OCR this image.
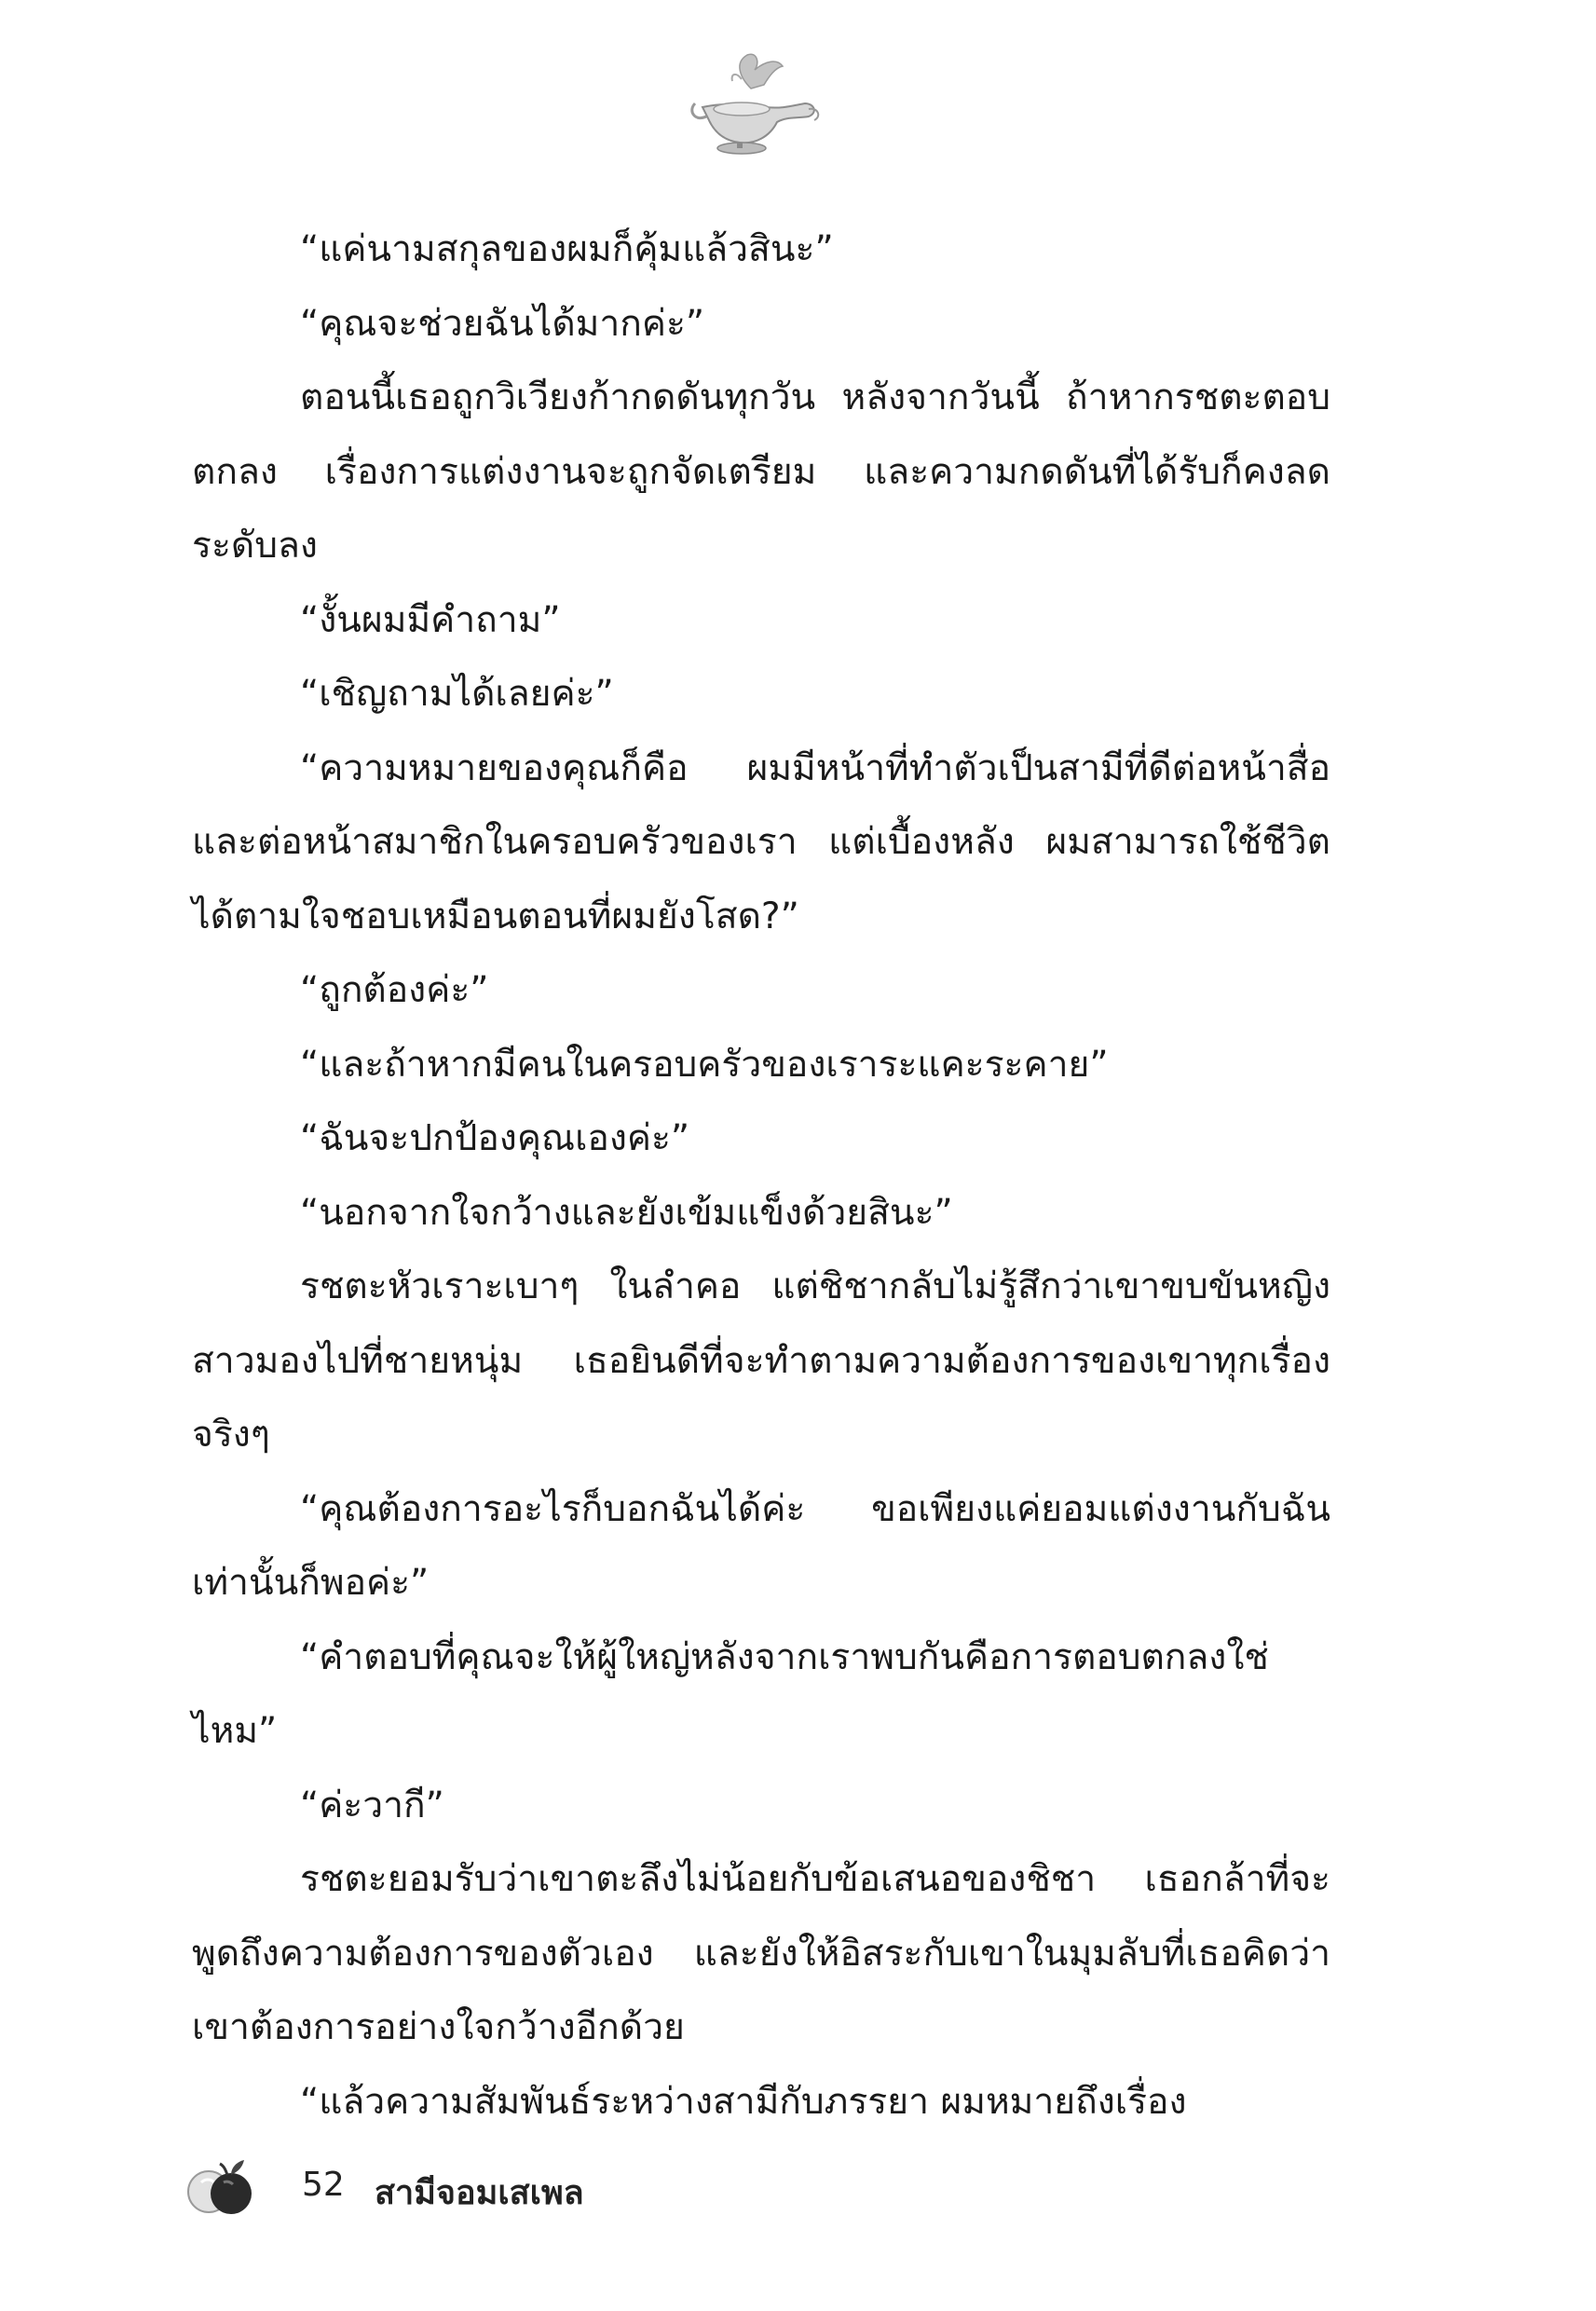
“แค่นามสกุลของผมก็คุ้มแล้วสินะ”

“คุณจะช่วยฉันได้มากค่ะ”

ตอนนี้เธอถูกวิเวียงก้ากดดันทุกวัน หลังจากวันนี้ ถ้าหากรชตะตอบตกลง เรื่องการแต่งงานจะถูกจัดเตรียม และความกดดันที่ได้รับก็คงลดระดับลง

“งั้นผมมีคำถาม”

“เชิญถามได้เลยค่ะ”

“ความหมายของคุณก็คือ ผมมีหน้าที่ทำตัวเป็นสามีที่ดีต่อหน้าสื่อและต่อหน้าสมาชิกในครอบครัวของเรา แต่เบื้องหลัง ผมสามารถใช้ชีวิตได้ตามใจชอบเหมือนตอนที่ผมยังโสด?”

“ถูกต้องค่ะ”

“และถ้าหากมีคนในครอบครัวของเราระแคะระคาย”

“ฉันจะปกป้องคุณเองค่ะ”

“นอกจากใจกว้างและยังเข้มแข็งด้วยสินะ”

รชตะหัวเราะเบาๆ ในลำคอ แต่ชิชากลับไม่รู้สึกว่าเขาขบขันหญิงสาวมองไปที่ชายหนุ่ม เธอยินดีที่จะทำตามความต้องการของเขาทุกเรื่องจริงๆ

“คุณต้องการอะไรก็บอกฉันได้ค่ะ ขอเพียงแค่ยอมแต่งงานกับฉันเท่านั้นก็พอค่ะ”

“คำตอบที่คุณจะให้ผู้ใหญ่หลังจากเราพบกันคือการตอบตกลงใช่ไหม”

“ค่ะวากี”

รชตะยอมรับว่าเขาตะลึงไม่น้อยกับข้อเสนอของชิชา เธอกล้าที่จะพูดถึงความต้องการของตัวเอง และยังให้อิสระกับเขาในมุมลับที่เธอคิดว่าเขาต้องการอย่างใจกว้างอีกด้วย

“แล้วความสัมพันธ์ระหว่างสามีกับภรรยา ผมหมายถึงเรื่อง

52 สามีจอมเสเพล
